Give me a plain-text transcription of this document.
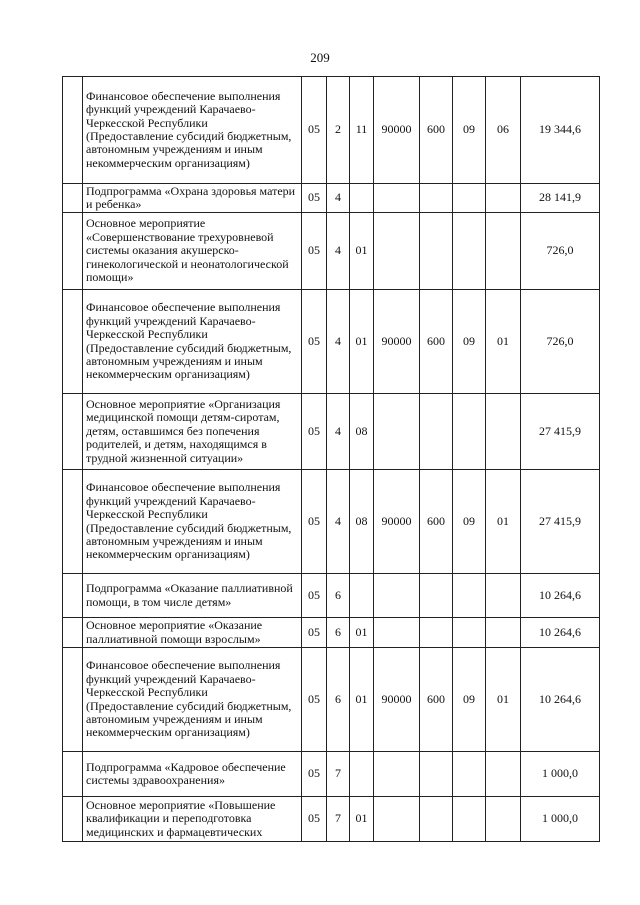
209
	Финансовое обеспечение выполнения функций учреждений Карачаево-Черкесской Республики (Предоставление субсидий бюджетным, автономным учреждениям и иным некоммерческим организациям)	05	2	11	90000	600	09	06	19 344,6
	Подпрограмма «Охрана здоровья матери и ребенка»	05	4						28 141,9
	Основное мероприятие «Совершенствование трехуровневой системы оказания акушерско-гинекологической и неонатологической помощи»	05	4	01					726,0
	Финансовое обеспечение выполнения функций учреждений Карачаево-Черкесской Республики (Предоставление субсидий бюджетным, автономным учреждениям и иным некоммерческим организациям)	05	4	01	90000	600	09	01	726,0
	Основное мероприятие «Организация медицинской помощи детям-сиротам, детям, оставшимся без попечения родителей, и детям, находящимся в трудной жизненной ситуации»	05	4	08					27 415,9
	Финансовое обеспечение выполнения функций учреждений Карачаево-Черкесской Республики (Предоставление субсидий бюджетным, автономным учреждениям и иным некоммерческим организациям)	05	4	08	90000	600	09	01	27 415,9
	Подпрограмма «Оказание паллиативной помощи, в том числе детям»	05	6						10 264,6
	Основное мероприятие «Оказание паллиативной помощи взрослым»	05	6	01					10 264,6
	Финансовое обеспечение выполнения функций учреждений Карачаево-Черкесской Республики (Предоставление субсидий бюджетным, автономиым учреждениям и иным некоммерческим организациям)	05	6	01	90000	600	09	01	10 264,6
	Подпрограмма «Кадровое обеспечение системы здравоохранения»	05	7						1 000,0
	Основное мероприятие «Повышение квалификации и переподготовка медицинских и фармацевтических	05	7	01					1 000,0
